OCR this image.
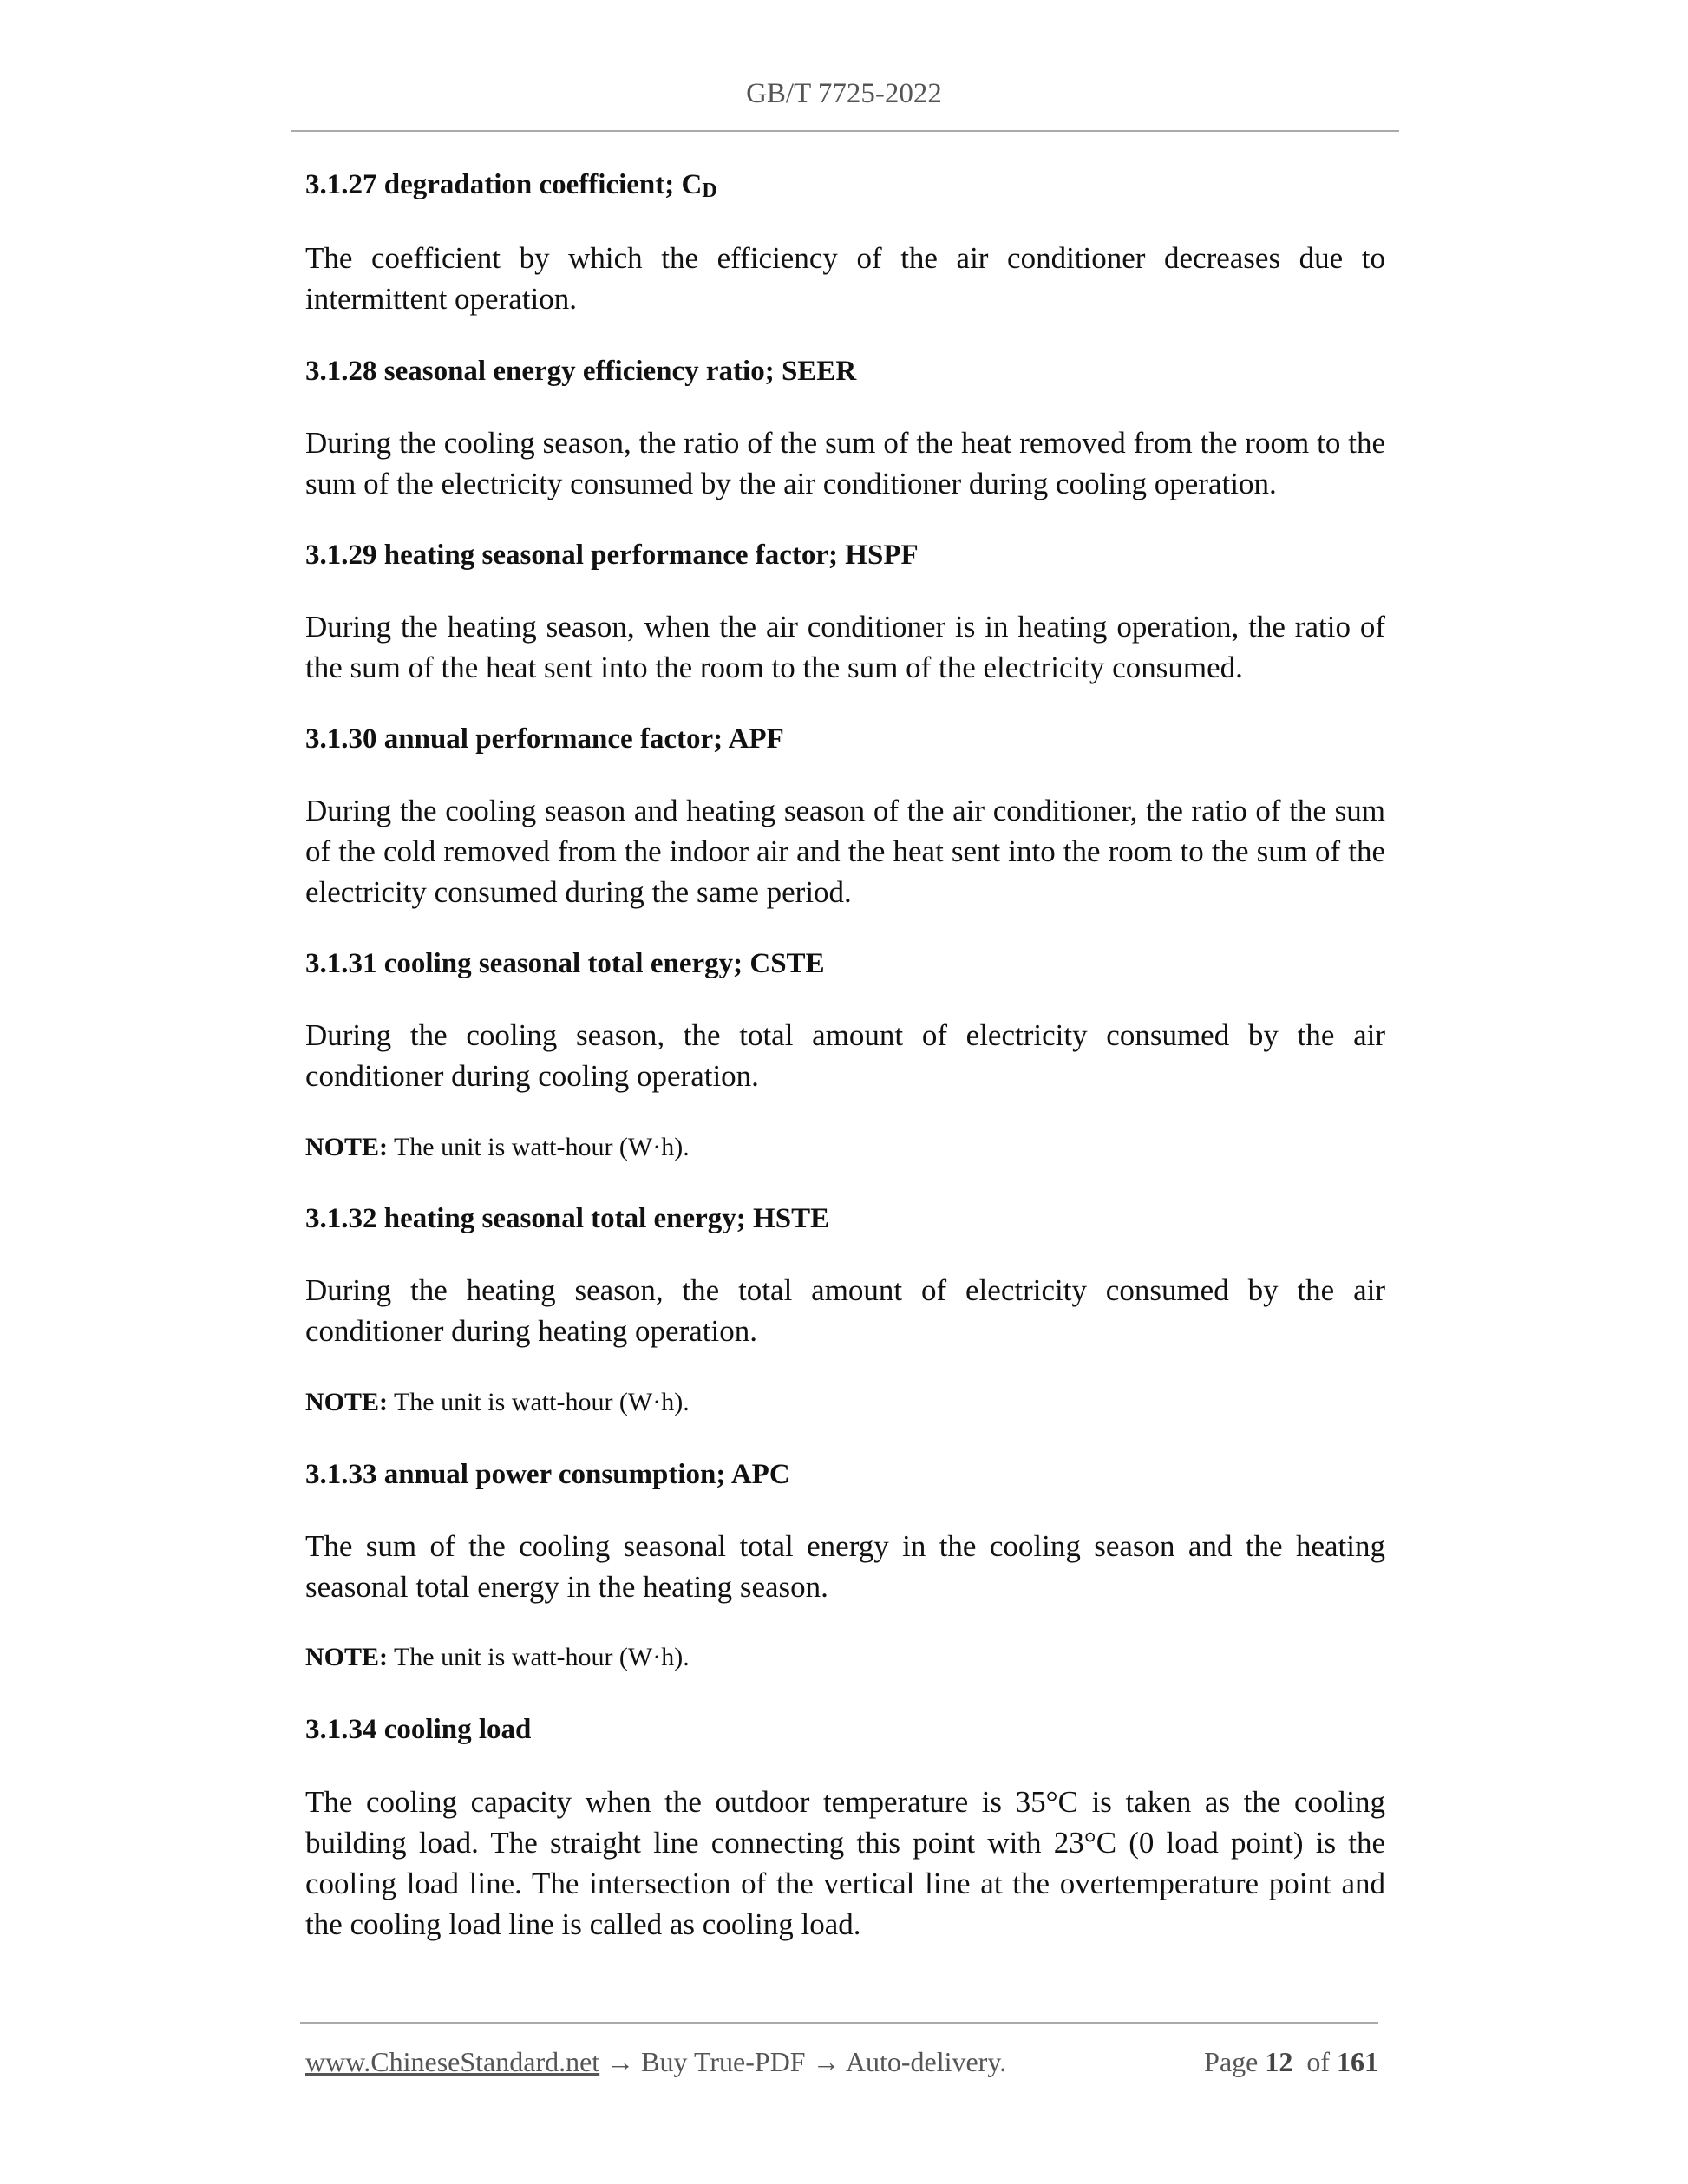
GB/T 7725-2022
3.1.27 degradation coefficient; $C_D$
The coefficient by which the efficiency of the air conditioner decreases due to intermittent operation.
3.1.28 seasonal energy efficiency ratio; SEER
During the cooling season, the ratio of the sum of the heat removed from the room to the sum of the electricity consumed by the air conditioner during cooling operation.
3.1.29 heating seasonal performance factor; HSPF
During the heating season, when the air conditioner is in heating operation, the ratio of the sum of the heat sent into the room to the sum of the electricity consumed.
3.1.30 annual performance factor; APF
During the cooling season and heating season of the air conditioner, the ratio of the sum of the cold removed from the indoor air and the heat sent into the room to the sum of the electricity consumed during the same period.
3.1.31 cooling seasonal total energy; CSTE
During the cooling season, the total amount of electricity consumed by the air conditioner during cooling operation.
NOTE: The unit is watt-hour (W·h).
3.1.32 heating seasonal total energy; HSTE
During the heating season, the total amount of electricity consumed by the air conditioner during heating operation.
NOTE: The unit is watt-hour (W·h).
3.1.33 annual power consumption; APC
The sum of the cooling seasonal total energy in the cooling season and the heating seasonal total energy in the heating season.
NOTE: The unit is watt-hour (W·h).
3.1.34 cooling load
The cooling capacity when the outdoor temperature is 35°C is taken as the cooling building load. The straight line connecting this point with 23°C (0 load point) is the cooling load line. The intersection of the vertical line at the overtemperature point and the cooling load line is called as cooling load.
www.ChineseStandard.net → Buy True-PDF → Auto-delivery.	Page 12 of 161
